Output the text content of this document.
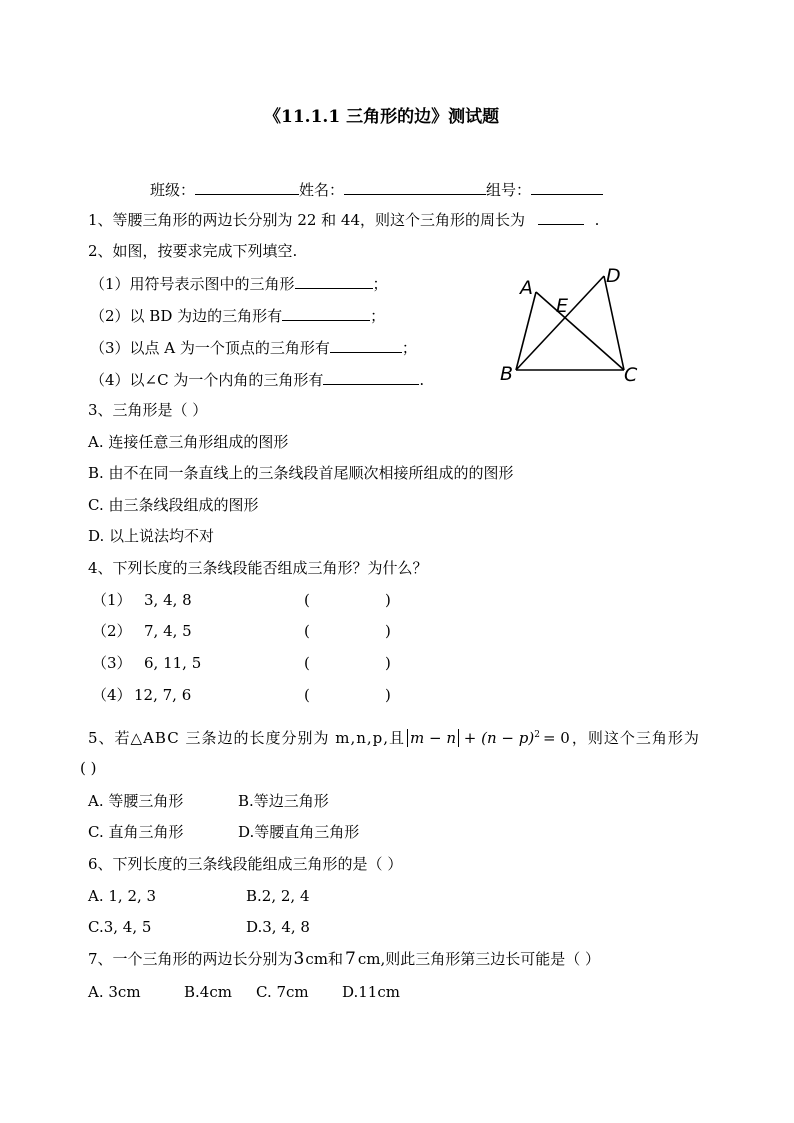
《11.1.1 三角形的边》测试题
班级：	姓名：	组号：
1、等腰三角形的两边长分别为 22 和 44，则这个三角形的周长为	.
2、如图，按要求完成下列填空.
（1）用符号表示图中的三角形	；
（2）以 BD 为边的三角形有	；
（3）以点 A 为一个顶点的三角形有	；
（4）以∠C 为一个内角的三角形有	.
A
B	C
D
E
3、三角形是（ ）
A. 连接任意三角形组成的图形
B. 由不在同一条直线上的三条线段首尾顺次相接所组成的的图形
C. 由三条线段组成的图形
D. 以上说法均不对
4、下列长度的三条线段能否组成三角形？为什么？
（1） 3, 4, 8	(	)
（2） 7, 4, 5	(	)
（3） 6, 11, 5	(	)
（4） 12, 7, 6	(	)
5、若△ABC 三条边的长度分别为 m,n,p,且 $m - n + (n - p)^2 = 0$ ，则这个三角形为
( )
A. 等腰三角形	B.等边三角形
C. 直角三角形	D.等腰直角三角形
6、下列长度的三条线段能组成三角形的是（ ）
A. 1, 2, 3	B.2, 2, 4
C.3, 4, 5	D.3, 4, 8
7、一个三角形的两边长分别为3cm和 7 cm,则此三角形第三边长可能是（ ）
A. 3cm	B.4cm C. 7cm D.11cm
